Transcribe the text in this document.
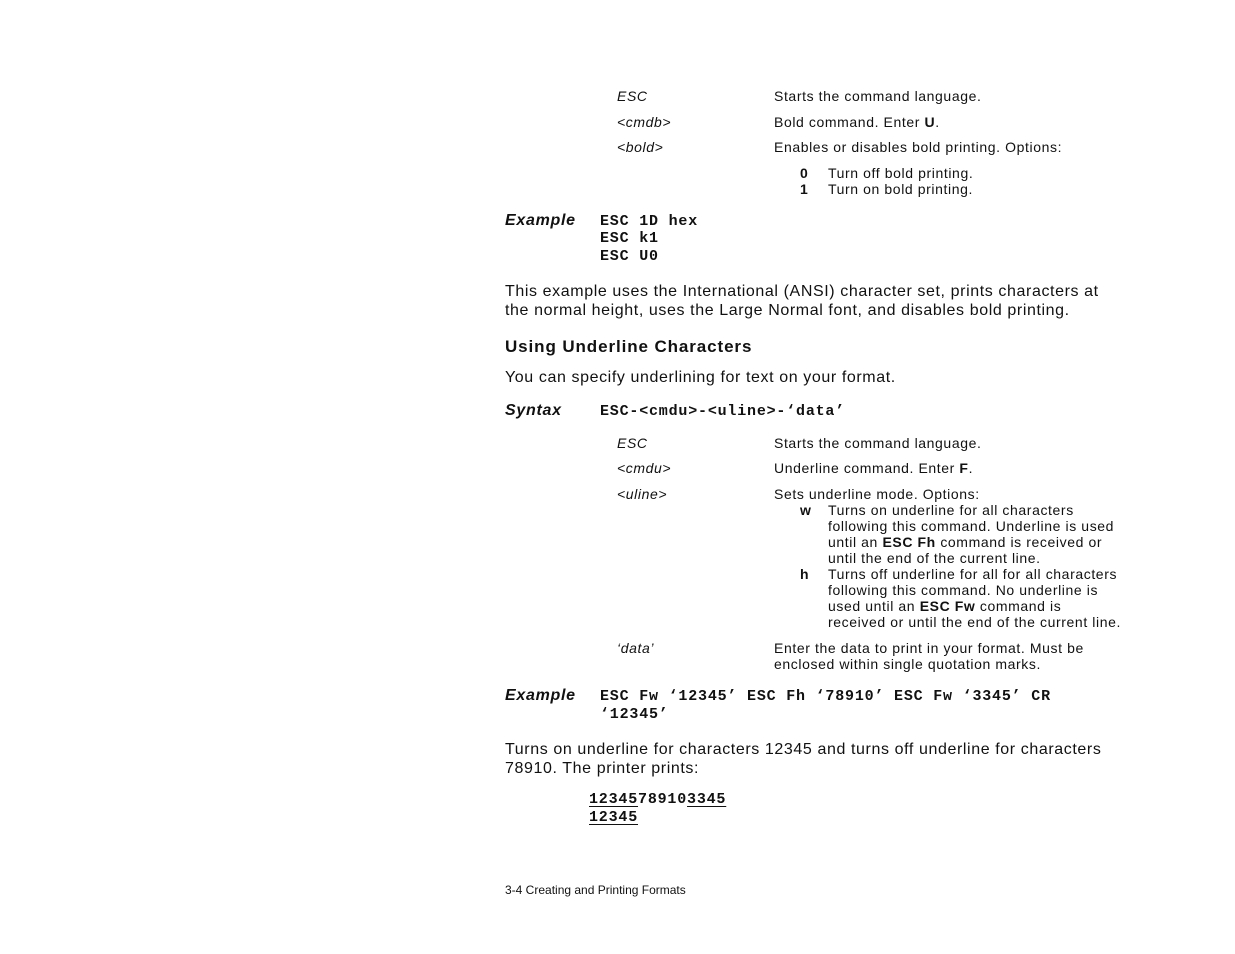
ESC	Starts the command language.
<cmdb>	Bold command. Enter U.
<bold>	Enables or disables bold printing. Options:
0 Turn off bold printing.
1 Turn on bold printing.
Example ESC 1D hex
ESC k1
ESC U0
This example uses the International (ANSI) character set, prints characters at
the normal height, uses the Large Normal font, and disables bold printing.
Using Underline Characters
You can specify underlining for text on your format.
Syntax	ESC-<cmdu>-<uline>-‘data’
ESC	Starts the command language.
<cmdu>	Underline command. Enter F.
<uline>	Sets underline mode. Options:
w Turns on underline for all characters
following this command. Underline is used
until an ESC Fh command is received or
until the end of the current line.
h Turns off underline for all for all characters
following this command. No underline is
used until an ESC Fw command is
received or until the end of the current line.
‘data’	Enter the data to print in your format. Must be
enclosed within single quotation marks.
Example ESC Fw ‘12345’ ESC Fh ‘78910’ ESC Fw ‘3345’ CR
‘12345’
Turns on underline for characters 12345 and turns off underline for characters
78910. The printer prints:
12345789103345
12345
3-4 Creating and Printing Formats
